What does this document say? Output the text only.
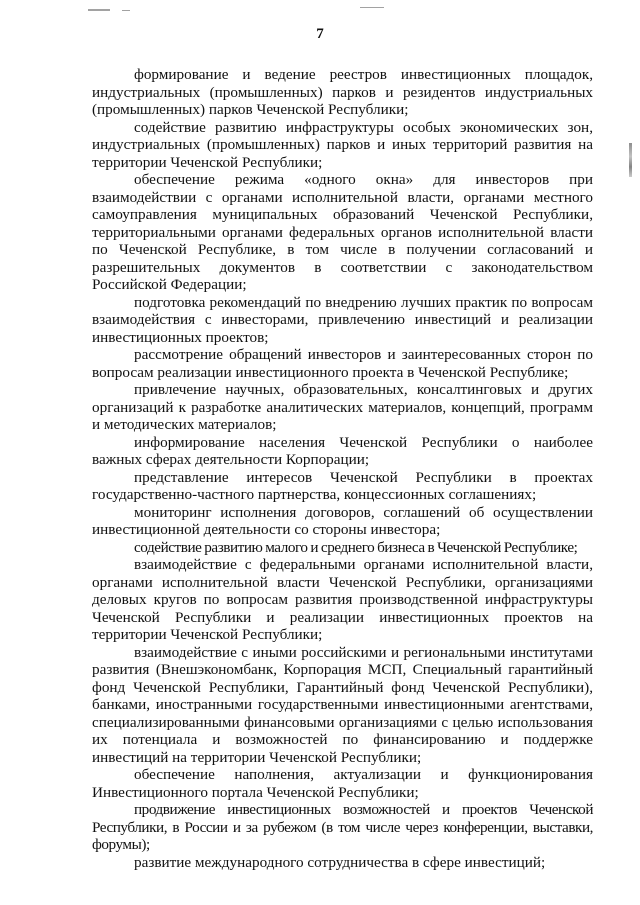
7

формирование и ведение реестров инвестиционных площадок, индустриальных (промышленных) парков и резидентов индустриальных (промышленных) парков Чеченской Республики;

содействие развитию инфраструктуры особых экономических зон, индустриальных (промышленных) парков и иных территорий развития на территории Чеченской Республики;

обеспечение режима «одного окна» для инвесторов при взаимодействии с органами исполнительной власти, органами местного самоуправления муниципальных образований Чеченской Республики, территориальными органами федеральных органов исполнительной власти по Чеченской Республике, в том числе в получении согласований и разрешительных документов в соответствии с законодательством Российской Федерации;

подготовка рекомендаций по внедрению лучших практик по вопросам взаимодействия с инвесторами, привлечению инвестиций и реализации инвестиционных проектов;

рассмотрение обращений инвесторов и заинтересованных сторон по вопросам реализации инвестиционного проекта в Чеченской Республике;

привлечение научных, образовательных, консалтинговых и других организаций к разработке аналитических материалов, концепций, программ и методических материалов;

информирование населения Чеченской Республики о наиболее важных сферах деятельности Корпорации;

представление интересов Чеченской Республики в проектах государственно-частного партнерства, концессионных соглашениях;

мониторинг исполнения договоров, соглашений об осуществлении инвестиционной деятельности со стороны инвестора;

содействие развитию малого и среднего бизнеса в Чеченской Республике;

взаимодействие с федеральными органами исполнительной власти, органами исполнительной власти Чеченской Республики, организациями деловых кругов по вопросам развития производственной инфраструктуры Чеченской Республики и реализации инвестиционных проектов на территории Чеченской Республики;

взаимодействие с иными российскими и региональными институтами развития (Внешэкономбанк, Корпорация МСП, Специальный гарантийный фонд Чеченской Республики, Гарантийный фонд Чеченской Республики), банками, иностранными государственными инвестиционными агентствами, специализированными финансовыми организациями с целью использования их потенциала и возможностей по финансированию и поддержке инвестиций на территории Чеченской Республики;

обеспечение наполнения, актуализации и функционирования Инвестиционного портала Чеченской Республики;

продвижение инвестиционных возможностей и проектов Чеченской Республики, в России и за рубежом (в том числе через конференции, выставки, форумы);

развитие международного сотрудничества в сфере инвестиций;
